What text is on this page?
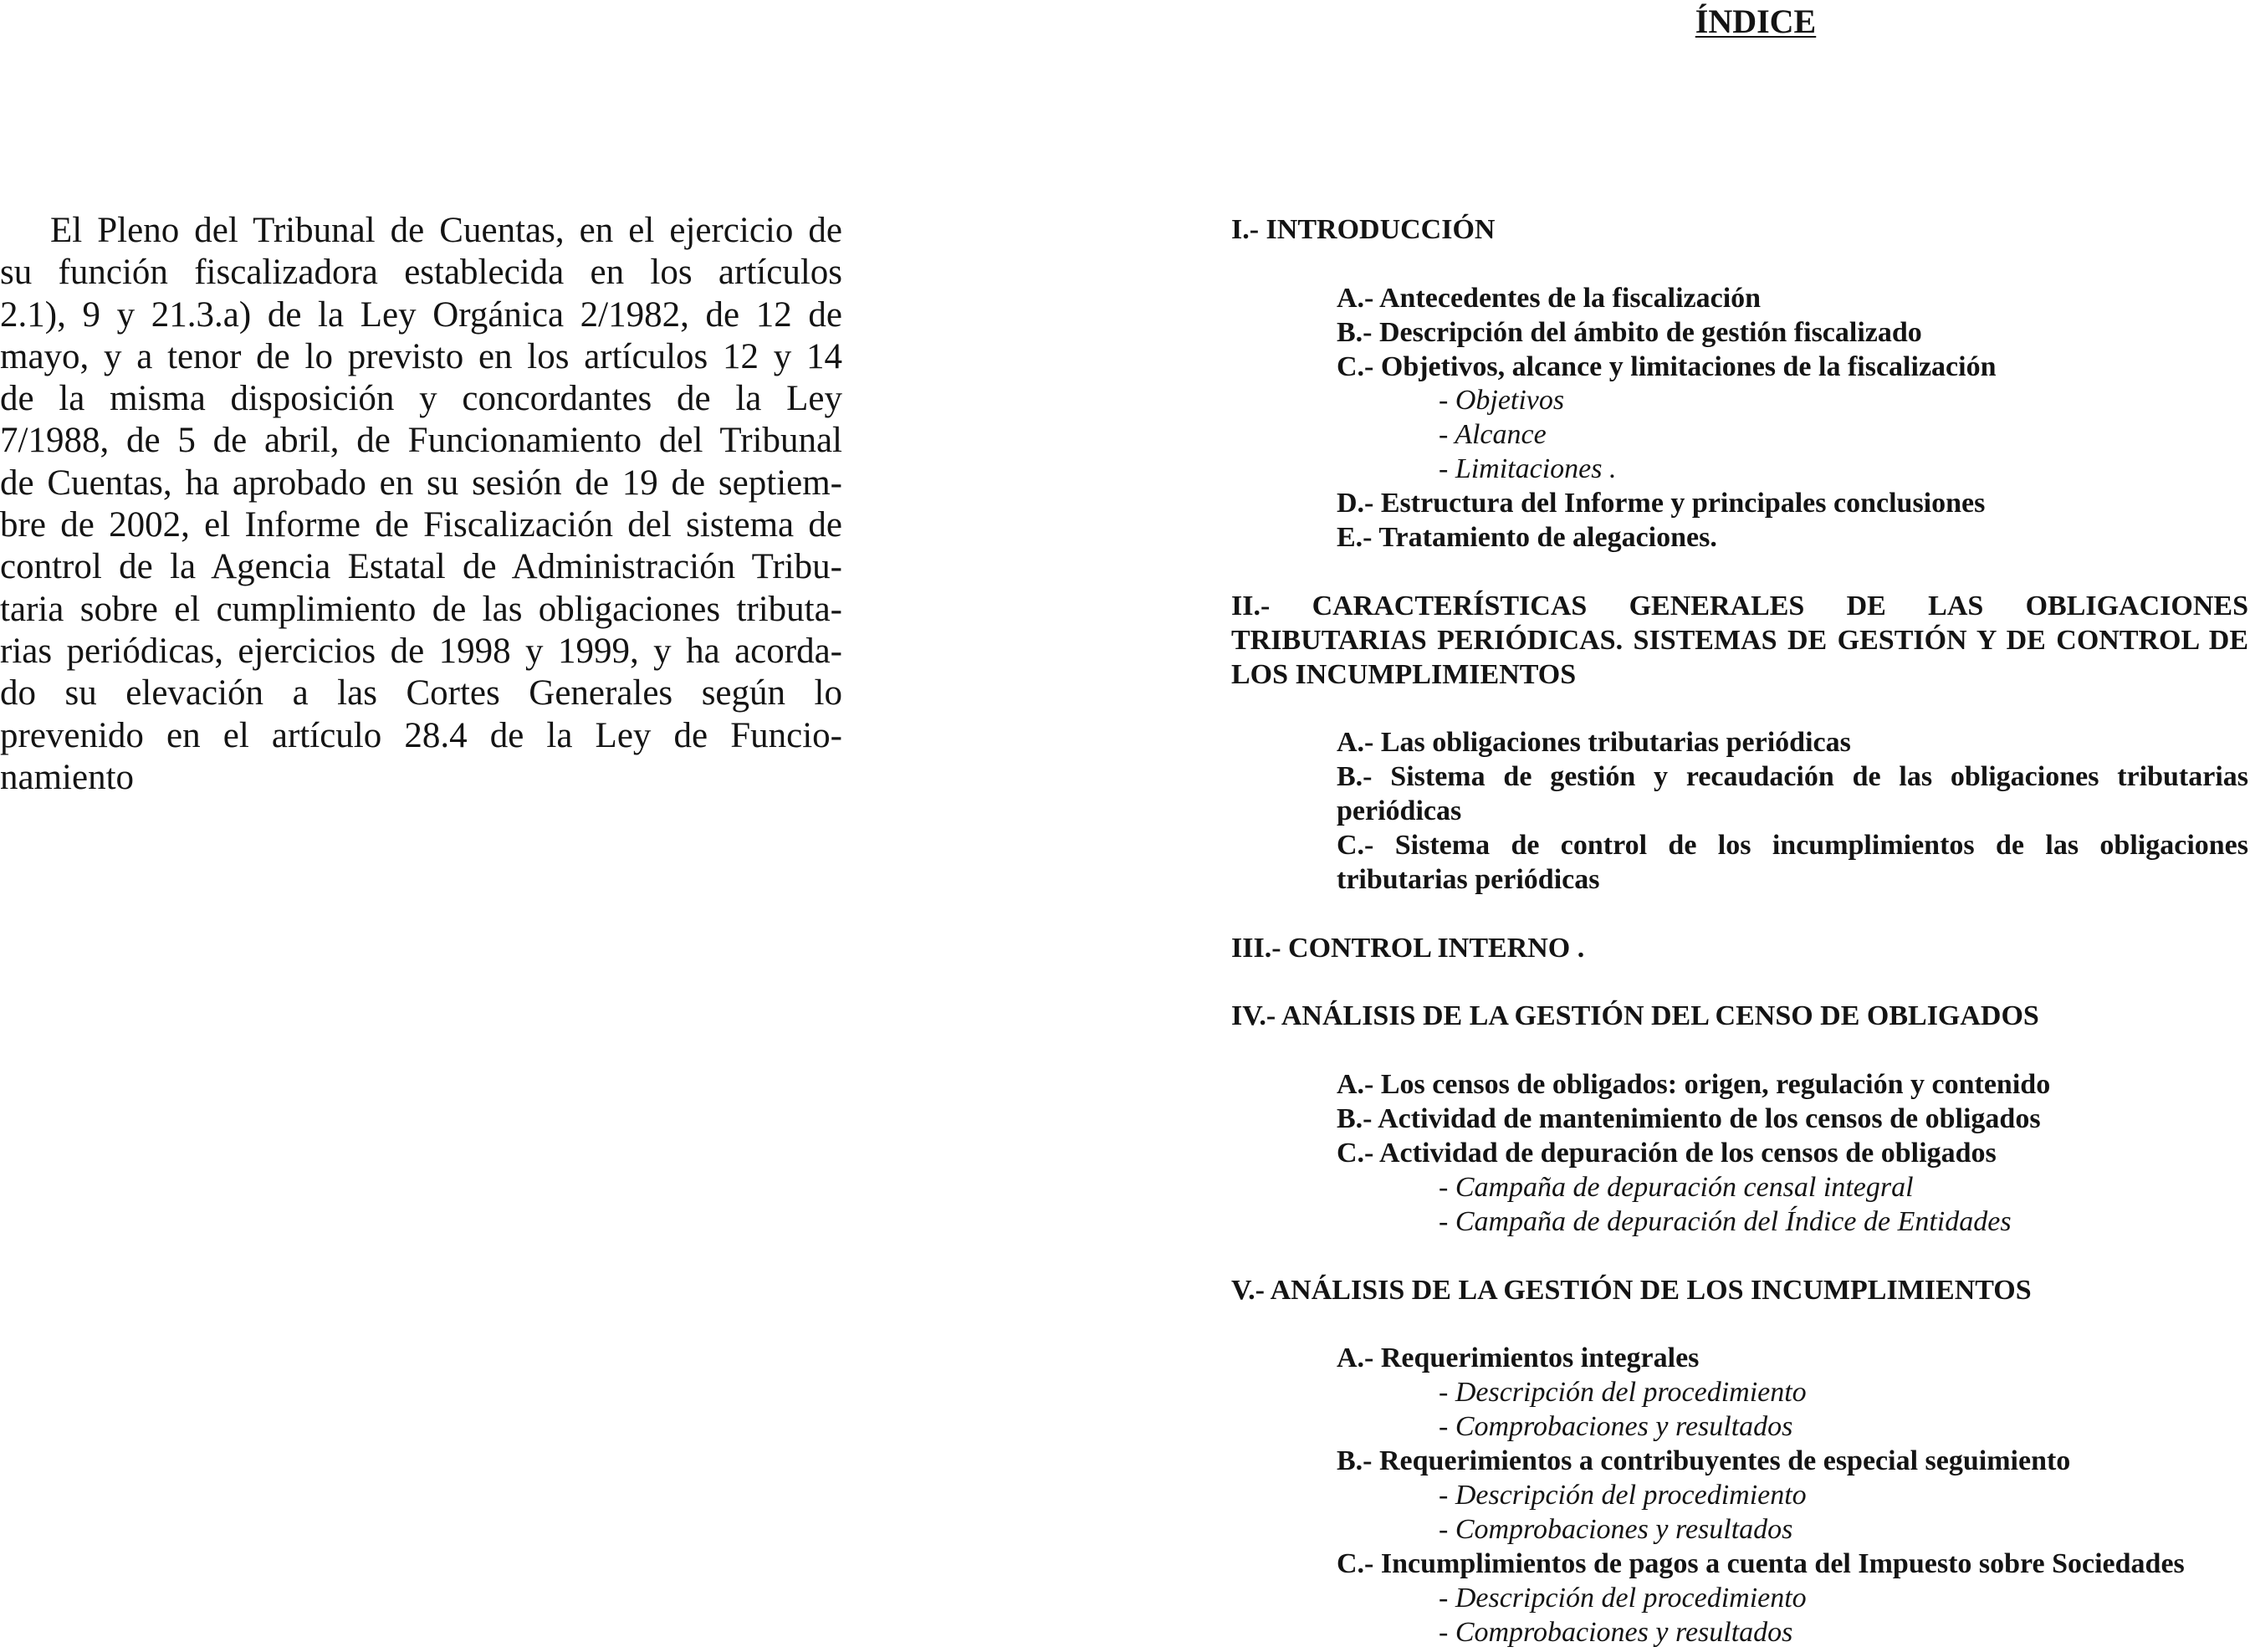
El Pleno del Tribunal de Cuentas, en el ejercicio de
su función fiscalizadora establecida en los artículos
2.1), 9 y 21.3.a) de la Ley Orgánica 2/1982, de 12 de
mayo, y a tenor de lo previsto en los artículos 12 y 14
de la misma disposición y concordantes de la Ley
7/1988, de 5 de abril, de Funcionamiento del Tribunal
de Cuentas, ha aprobado en su sesión de 19 de septiem-
bre de 2002, el Informe de Fiscalización del sistema de
control de la Agencia Estatal de Administración Tribu-
taria sobre el cumplimiento de las obligaciones tributa-
rias periódicas, ejercicios de 1998 y 1999, y ha acorda-
do su elevación a las Cortes Generales según lo
prevenido en el artículo 28.4 de la Ley de Funcio-
namiento
ÍNDICE
I.- INTRODUCCIÓN
A.- Antecedentes de la fiscalización
B.- Descripción del ámbito de gestión fiscalizado
C.- Objetivos, alcance y limitaciones de la fiscalización
- Objetivos
- Alcance
- Limitaciones .
D.- Estructura del Informe y principales conclusiones
E.- Tratamiento de alegaciones.
II.- CARACTERÍSTICAS GENERALES DE LAS OBLIGACIONES
TRIBUTARIAS PERIÓDICAS. SISTEMAS DE GESTIÓN Y DE CONTROL DE
LOS INCUMPLIMIENTOS
A.- Las obligaciones tributarias periódicas
B.- Sistema de gestión y recaudación de las obligaciones tributarias
periódicas
C.- Sistema de control de los incumplimientos de las obligaciones
tributarias periódicas
III.- CONTROL INTERNO .
IV.- ANÁLISIS DE LA GESTIÓN DEL CENSO DE OBLIGADOS
A.- Los censos de obligados: origen, regulación y contenido
B.- Actividad de mantenimiento de los censos de obligados
C.- Actividad de depuración de los censos de obligados
- Campaña de depuración censal integral
- Campaña de depuración del Índice de Entidades
V.- ANÁLISIS DE LA GESTIÓN DE LOS INCUMPLIMIENTOS
A.- Requerimientos integrales
- Descripción del procedimiento
- Comprobaciones y resultados
B.- Requerimientos a contribuyentes de especial seguimiento
- Descripción del procedimiento
- Comprobaciones y resultados
C.- Incumplimientos de pagos a cuenta del Impuesto sobre Sociedades
- Descripción del procedimiento
- Comprobaciones y resultados
